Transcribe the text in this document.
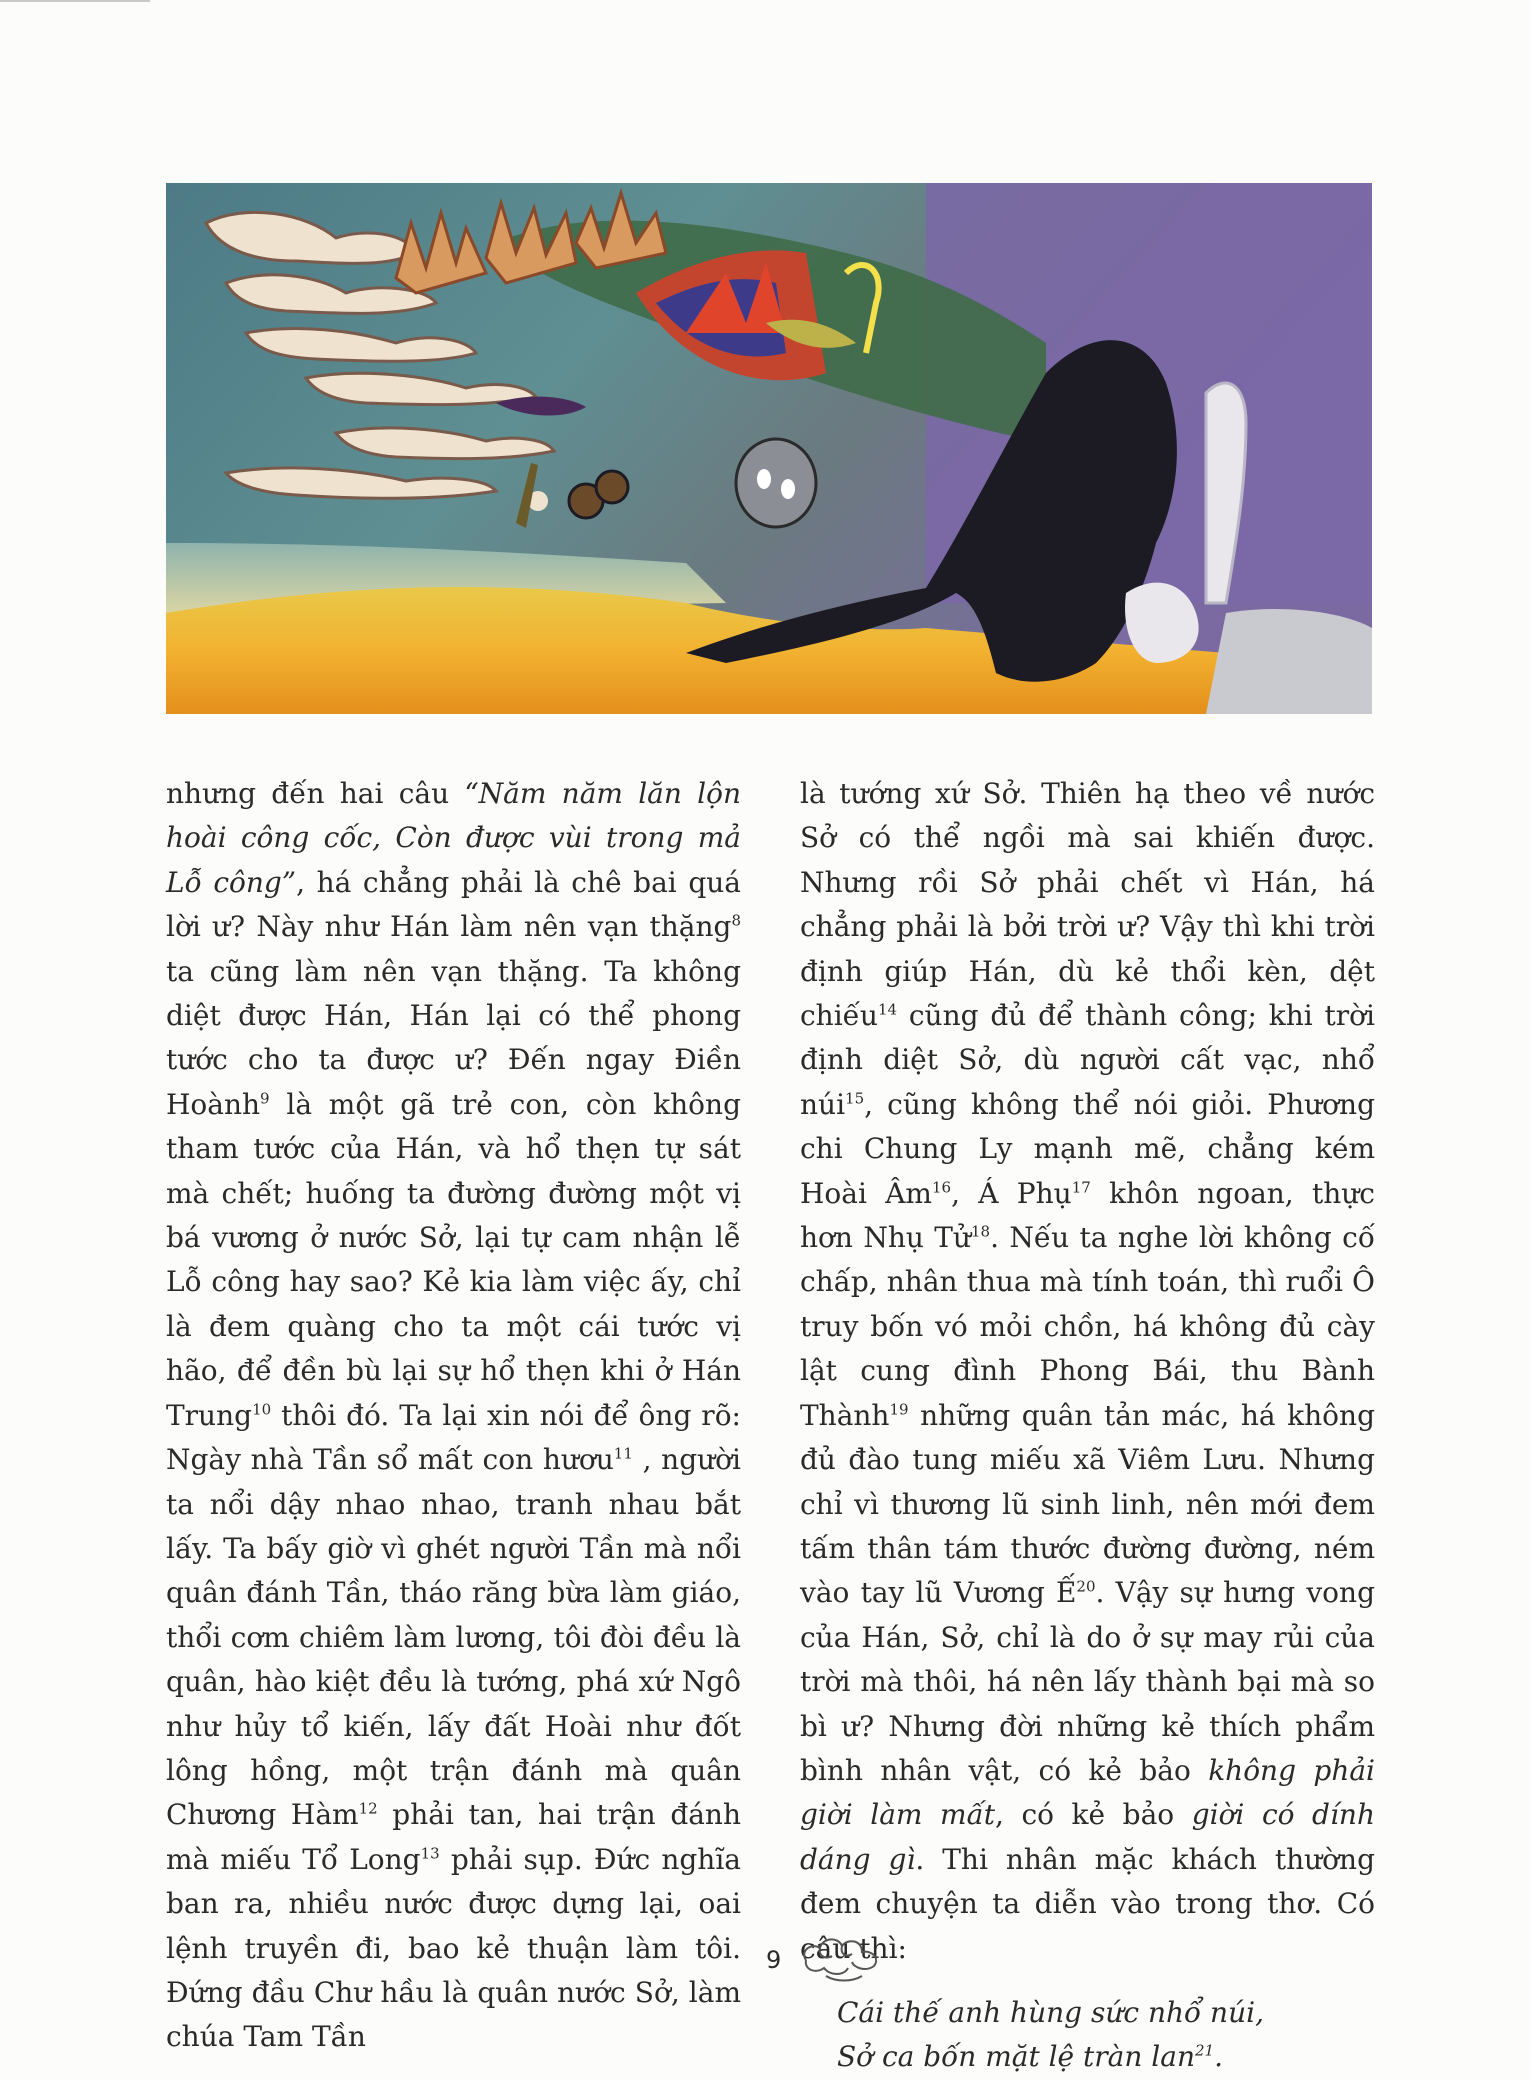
nhưng đến hai câu “Năm năm lăn lộn hoài công cốc, Còn được vùi trong mả Lỗ công”, há chẳng phải là chê bai quá lời ư? Này như Hán làm nên vạn thặng$^8$ ta cũng làm nên vạn thặng. Ta không diệt được Hán, Hán lại có thể phong tước cho ta được ư? Đến ngay Điền Hoành$^9$ là một gã trẻ con, còn không tham tước của Hán, và hổ thẹn tự sát mà chết; huống ta đường đường một vị bá vương ở nước Sở, lại tự cam nhận lễ Lỗ công hay sao? Kẻ kia làm việc ấy, chỉ là đem quàng cho ta một cái tước vị hão, để đền bù lại sự hổ thẹn khi ở Hán Trung$^{10}$ thôi đó. Ta lại xin nói để ông rõ: Ngày nhà Tần sổ mất con hươu$^{11}$ , người ta nổi dậy nhao nhao, tranh nhau bắt lấy. Ta bấy giờ vì ghét người Tần mà nổi quân đánh Tần, tháo răng bừa làm giáo, thổi cơm chiêm làm lương, tôi đòi đều là quân, hào kiệt đều là tướng, phá xứ Ngô như hủy tổ kiến, lấy đất Hoài như đốt lông hồng, một trận đánh mà quân Chương Hàm$^{12}$ phải tan, hai trận đánh mà miếu Tổ Long$^{13}$ phải sụp. Đức nghĩa ban ra, nhiều nước được dựng lại, oai lệnh truyền đi, bao kẻ thuận làm tôi. Đứng đầu Chư hầu là quân nước Sở, làm chúa Tam Tần

là tướng xứ Sở. Thiên hạ theo về nước Sở có thể ngồi mà sai khiến được. Nhưng rồi Sở phải chết vì Hán, há chẳng phải là bởi trời ư? Vậy thì khi trời định giúp Hán, dù kẻ thổi kèn, dệt chiếu$^{14}$ cũng đủ để thành công; khi trời định diệt Sở, dù người cất vạc, nhổ núi$^{15}$, cũng không thể nói giỏi. Phương chi Chung Ly mạnh mẽ, chẳng kém Hoài $Âm^{16}$, Á Phụ$^{17}$ khôn ngoan, thực hơn Nhụ Tử$^{18}$. Nếu ta nghe lời không cố chấp, nhân thua mà tính toán, thì ruổi Ô truy bốn vó mỏi chồn, há không đủ cày lật cung đình Phong Bái, thu Bành Thành$^{19}$ những quân tản mác, há không đủ đào tung miếu xã Viêm Lưu. Nhưng chỉ vì thương lũ sinh linh, nên mới đem tấm thân tám thước đường đường, ném vào tay lũ Vương Ế$^{20}$. Vậy sự hưng vong của Hán, Sở, chỉ là do ở sự may rủi của trời mà thôi, há nên lấy thành bại mà so bì ư? Nhưng đời những kẻ thích phẩm bình nhân vật, có kẻ bảo không phải giời làm mất, có kẻ bảo giời có dính dáng gì. Thi nhân mặc khách thường đem chuyện ta diễn vào trong thơ. Có câu thì:

Cái thế anh hùng sức nhổ núi,
Sở ca bốn mặt lệ tràn lan$^{21}$.

9
